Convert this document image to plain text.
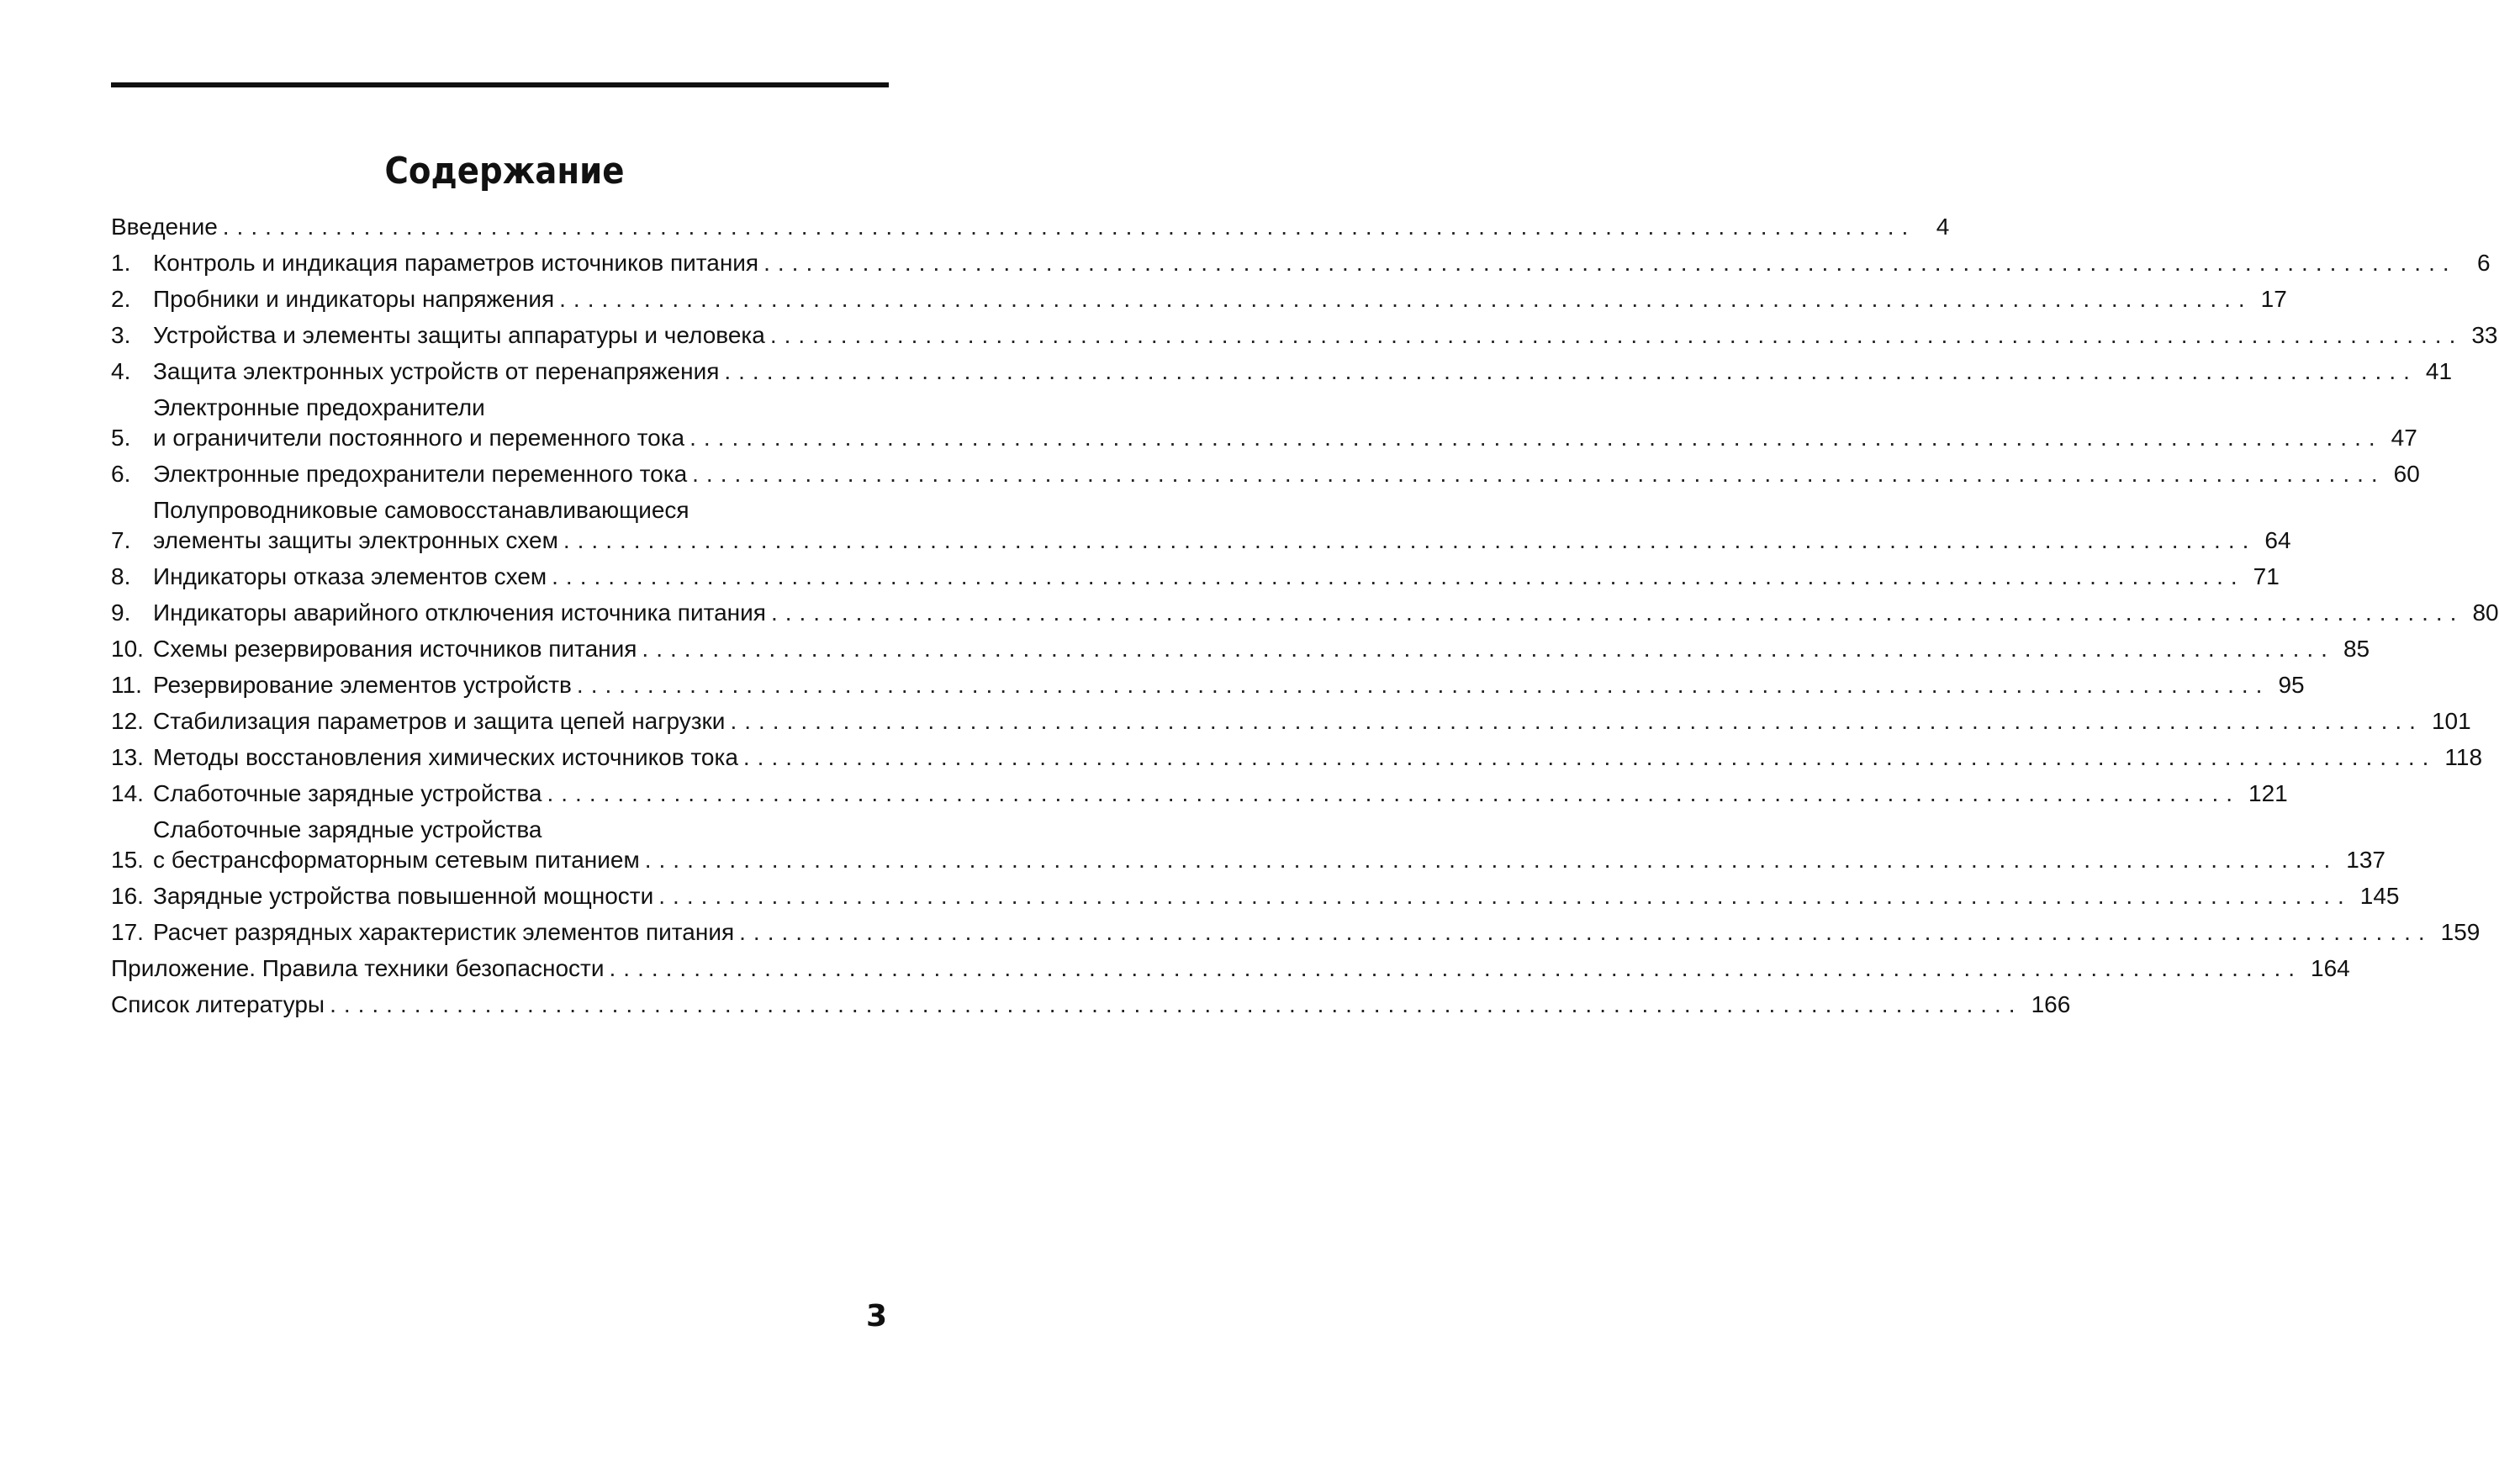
Содержание
Введение ........................................................................................................................ 4
1. Контроль и индикация параметров источников питания ........................................................................................................................ 6
2. Пробники и индикаторы напряжения ........................................................................................................................ 17
3. Устройства и элементы защиты аппаратуры и человека ........................................................................................................................ 33
4. Защита электронных устройств от перенапряжения ........................................................................................................................ 41
5.
Электронные предохранители
и ограничители постоянного и переменного тока ........................................................................................................................ 47
6. Электронные предохранители переменного тока ........................................................................................................................ 60
7.
Полупроводниковые самовосстанавливающиеся
элементы защиты электронных схем ........................................................................................................................ 64
8. Индикаторы отказа элементов схем ........................................................................................................................ 71
9. Индикаторы аварийного отключения источника питания ........................................................................................................................ 80
10. Схемы резервирования источников питания ........................................................................................................................ 85
11. Резервирование элементов устройств ........................................................................................................................ 95
12. Стабилизация параметров и защита цепей нагрузки ........................................................................................................................ 101
13. Методы восстановления химических источников тока ........................................................................................................................ 118
14. Слаботочные зарядные устройства ........................................................................................................................ 121
15.
Слаботочные зарядные устройства
с бестрансформаторным сетевым питанием ........................................................................................................................ 137
16. Зарядные устройства повышенной мощности ........................................................................................................................ 145
17. Расчет разрядных характеристик элементов питания ........................................................................................................................ 159
Приложение. Правила техники безопасности ........................................................................................................................ 164
Список литературы ........................................................................................................................ 166
3
